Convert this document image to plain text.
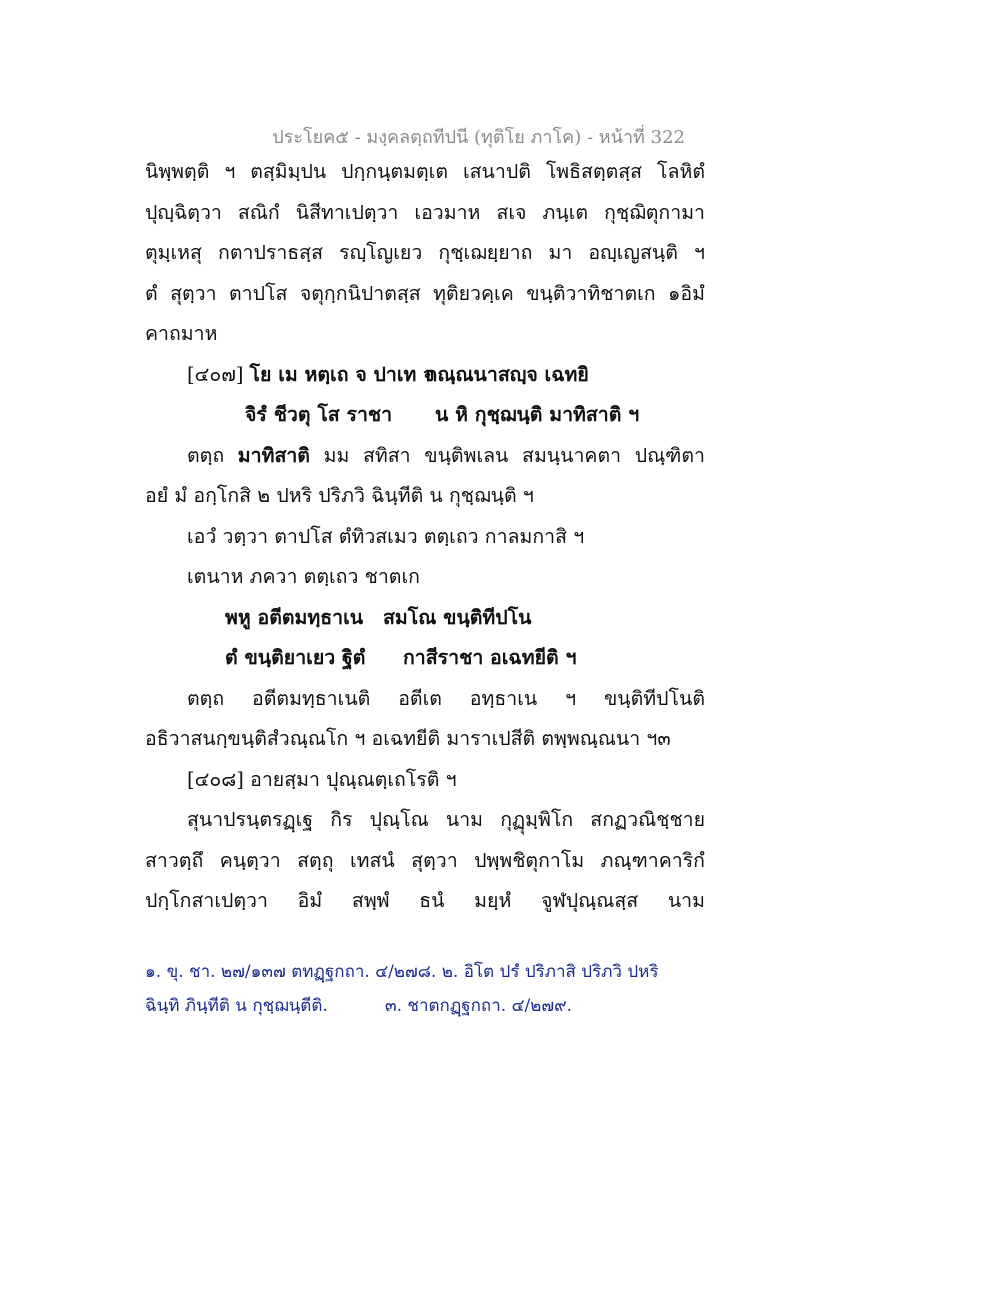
ประโยค๕ - มงฺคลตฺถทีปนี (ทุติโย ภาโค) - หน้าที่ 322
นิพฺพตฺติ ฯ ตสฺมิมฺปน ปกฺกนฺตมตฺเต เสนาปติ โพธิสตฺตสฺส โลหิตํ
ปุญฺฉิตฺวา สณิกํ นิสีทาเปตฺวา เอวมาห สเจ ภนฺเต กุชฺฌิตุกามา
ตุมฺเหสุ กตาปราธสฺส รญฺโญเยว กุชฺเฌยฺยาถ มา อญฺเญสนฺติ ฯ
ตํ สุตฺวา ตาปโส จตุกฺกนิปาตสฺส ทุติยวคฺเค ขนฺติวาทิชาตเก ๑อิมํ
คาถมาห
[๔๐๗] โย เม หตฺเถ จ ปาเท จ
กณฺณนาสญฺจ เฉทยิ
จิรํ ชีวตุ โส ราชา	น หิ กุชฺฌนฺติ มาทิสาติ ฯ
ตตฺถ มาทิสาติ มม สทิสา ขนฺติพเลน สมนฺนาคตา ปณฺฑิตา
อยํ มํ อกฺโกสิ ๒ ปหริ ปริภวิ ฉินฺทีติ น กุชฺฌนฺติ ฯ
เอวํ วตฺวา ตาปโส ตํทิวสเมว ตตฺเถว กาลมกาสิ ฯ
เตนาห ภควา ตตฺเถว ชาตเก
พหู อตีตมทฺธาเน	สมโณ ขนฺติทีปโน
ตํ ขนฺติยาเยว ฐิตํ	กาสีราชา อเฉทยีติ ฯ
ตตฺถ อตีตมทฺธาเนติ อตีเต อทฺธาเน ฯ ขนฺติทีปโนติ
อธิวาสนกฺขนฺติสํวณฺณโก ฯ อเฉทยีติ มาราเปสีติ ตพฺพณฺณนา ฯ๓
[๔๐๘] อายสฺมา ปุณฺณตฺเถโรติ ฯ
สุนาปรนฺตรฏฺเฐ กิร ปุณฺโณ นาม กุฏุมฺพิโก สกฏวณิชฺชาย
สาวตฺถึ คนฺตฺวา สตฺถุ เทสนํ สุตฺวา ปพฺพชิตุกาโม ภณฺฑาคาริกํ
ปกฺโกสาเปตฺวา อิมํ สพฺพํ ธนํ มยฺหํ จูฬปุณฺณสฺส นาม
๑. ขุ. ชา. ๒๗/๑๓๗ ตทฏฺฐกถา. ๔/๒๗๘. ๒. อิโต ปรํ ปริภาสิ ปริภวิ ปหริ
ฉินฺทิ ภินฺทีติ น กุชฺฌนฺตีติ.	๓. ชาตกฏฺฐกถา. ๔/๒๗๙.
